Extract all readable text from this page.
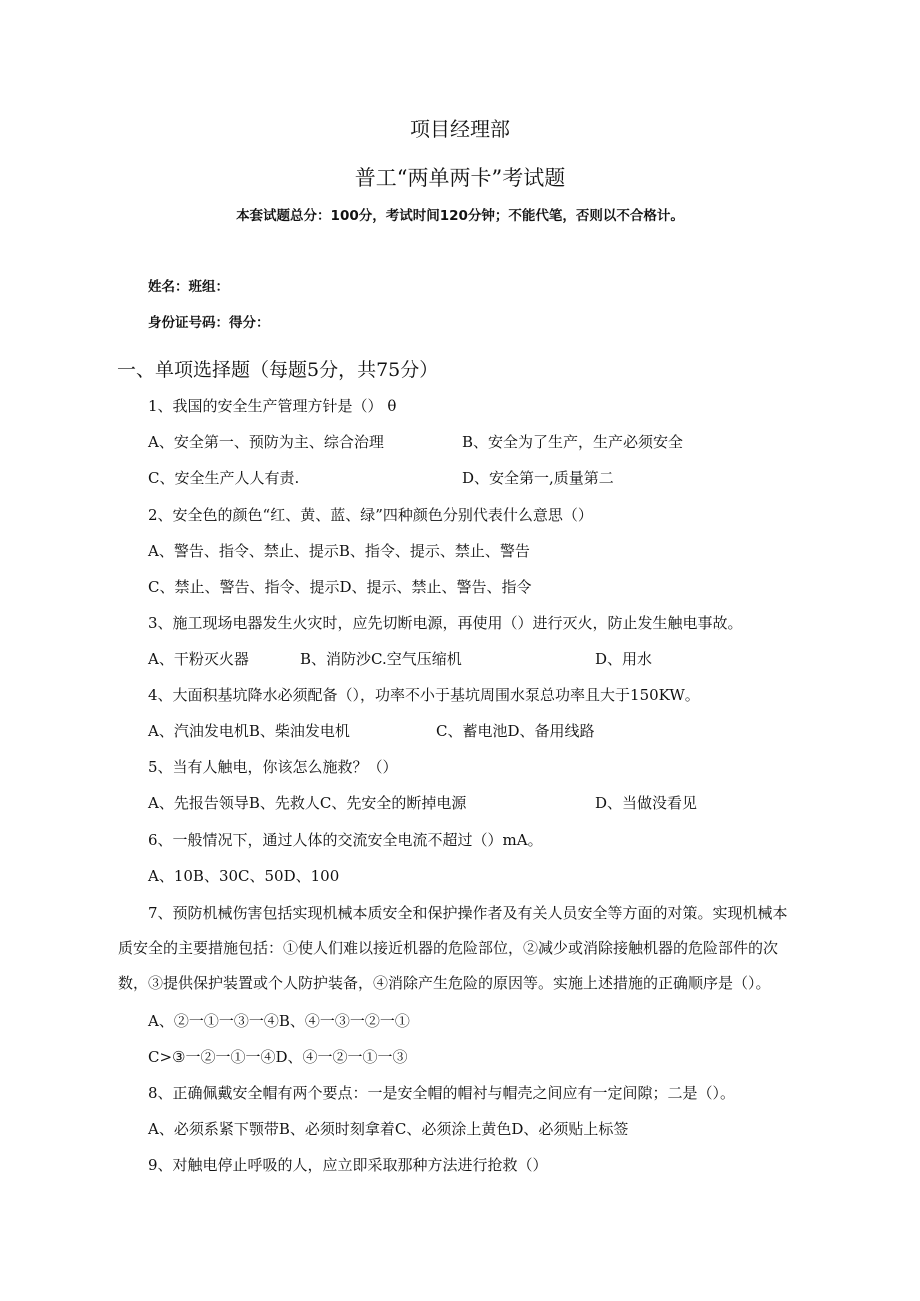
项目经理部
普工“两单两卡”考试题
本套试题总分：100分，考试时间120分钟；不能代笔，否则以不合格计。
姓名：班组：
身份证号码：得分：
一、单项选择题（每题5分，共75分）
1、我国的安全生产管理方针是（） θ
A、安全第一、预防为主、综合治理	B、安全为了生产，生产必须安全
C、安全生产人人有责.	D、安全第一,质量第二
2、安全色的颜色“红、黄、蓝、绿”四种颜色分别代表什么意思（）
A、警告、指令、禁止、提示B、指令、提示、禁止、警告
C、禁止、警告、指令、提示D、提示、禁止、警告、指令
3、施工现场电器发生火灾时，应先切断电源，再使用（）进行灭火，防止发生触电事故。
A、干粉灭火器	B、消防沙C.空气压缩机	D、用水
4、大面积基坑降水必须配备（），功率不小于基坑周围水泵总功率且大于150KW。
A、汽油发电机B、柴油发电机	C、蓄电池D、备用线路
5、当有人触电，你该怎么施救？（）
A、先报告领导B、先救人C、先安全的断掉电源	D、当做没看见
6、一般情况下，通过人体的交流安全电流不超过（）mA。
A、10B、30C、50D、100
7、预防机械伤害包括实现机械本质安全和保护操作者及有关人员安全等方面的对策。实现机械本
质安全的主要措施包括：①使人们难以接近机器的危险部位，②减少或消除接触机器的危险部件的次
数，③提供保护装置或个人防护装备，④消除产生危险的原因等。实施上述措施的正确顺序是（）。
A、②一①一③一④B、④一③一②一①
C>③一②一①一④D、④一②一①一③
8、正确佩戴安全帽有两个要点：一是安全帽的帽衬与帽壳之间应有一定间隙；二是（）。
A、必须系紧下颚带B、必须时刻拿着C、必须涂上黄色D、必须贴上标签
9、对触电停止呼吸的人，应立即采取那种方法进行抢救（）
